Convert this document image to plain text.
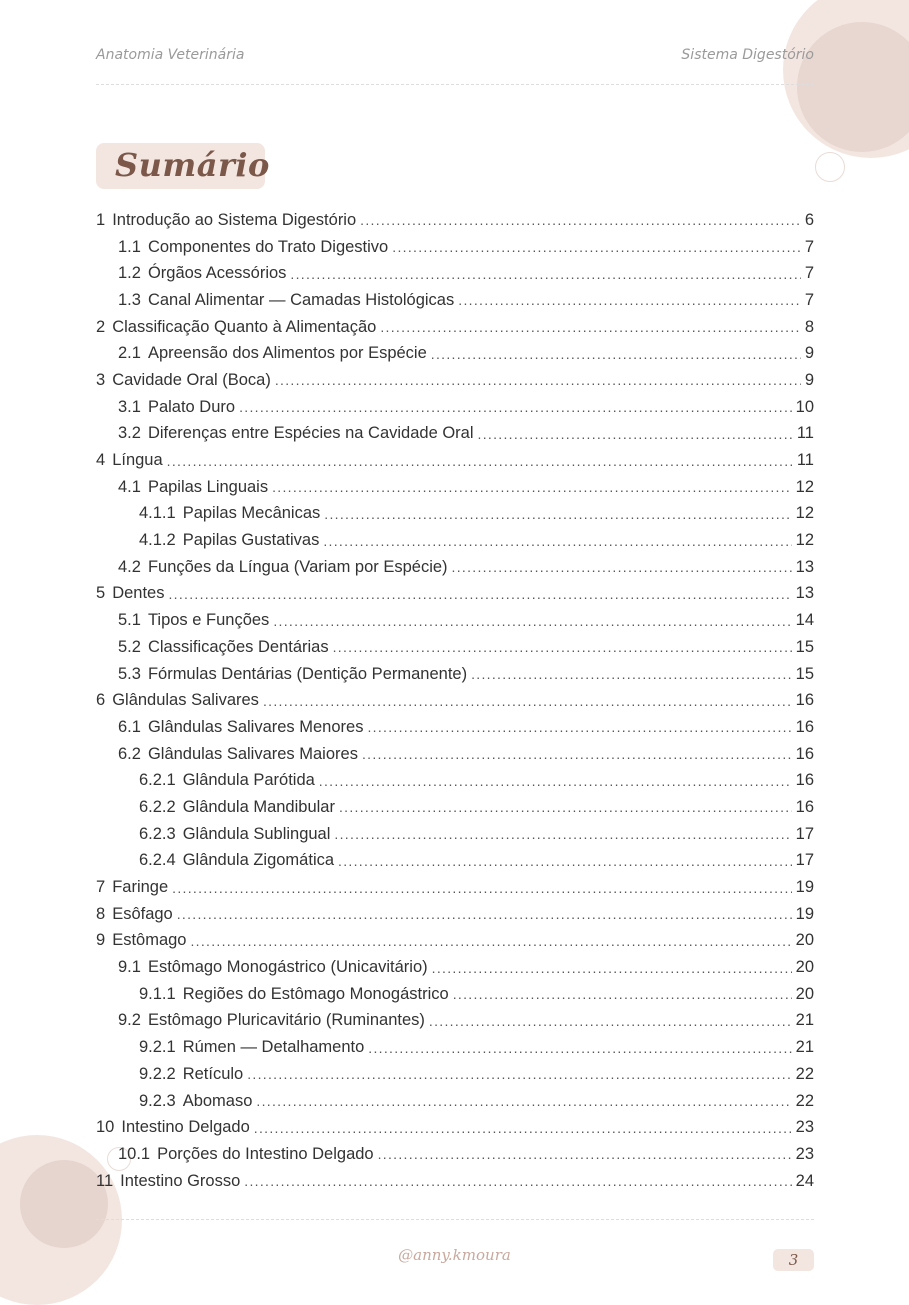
Anatomia Veterinária	Sistema Digestório
Sumário
1 Introdução ao Sistema Digestório .....	6
1.1 Componentes do Trato Digestivo .....	7
1.2 Órgãos Acessórios .....	7
1.3 Canal Alimentar — Camadas Histológicas .....	7
2 Classificação Quanto à Alimentação .....	8
2.1 Apreensão dos Alimentos por Espécie .....	9
3 Cavidade Oral (Boca) .....	9
3.1 Palato Duro .....	10
3.2 Diferenças entre Espécies na Cavidade Oral .....	11
4 Língua .....	11
4.1 Papilas Linguais .....	12
4.1.1 Papilas Mecânicas .....	12
4.1.2 Papilas Gustativas .....	12
4.2 Funções da Língua (Variam por Espécie) .....	13
5 Dentes .....	13
5.1 Tipos e Funções .....	14
5.2 Classificações Dentárias .....	15
5.3 Fórmulas Dentárias (Dentição Permanente) .....	15
6 Glândulas Salivares .....	16
6.1 Glândulas Salivares Menores .....	16
6.2 Glândulas Salivares Maiores .....	16
6.2.1 Glândula Parótida .....	16
6.2.2 Glândula Mandibular .....	16
6.2.3 Glândula Sublingual .....	17
6.2.4 Glândula Zigomática .....	17
7 Faringe .....	19
8 Esôfago .....	19
9 Estômago .....	20
9.1 Estômago Monogástrico (Unicavitário) .....	20
9.1.1 Regiões do Estômago Monogástrico .....	20
9.2 Estômago Pluricavitário (Ruminantes) .....	21
9.2.1 Rúmen — Detalhamento .....	21
9.2.2 Retículo .....	22
9.2.3 Abomaso .....	22
10 Intestino Delgado .....	23
10.1 Porções do Intestino Delgado .....	23
11 Intestino Grosso .....	24
@anny.kmoura	3
